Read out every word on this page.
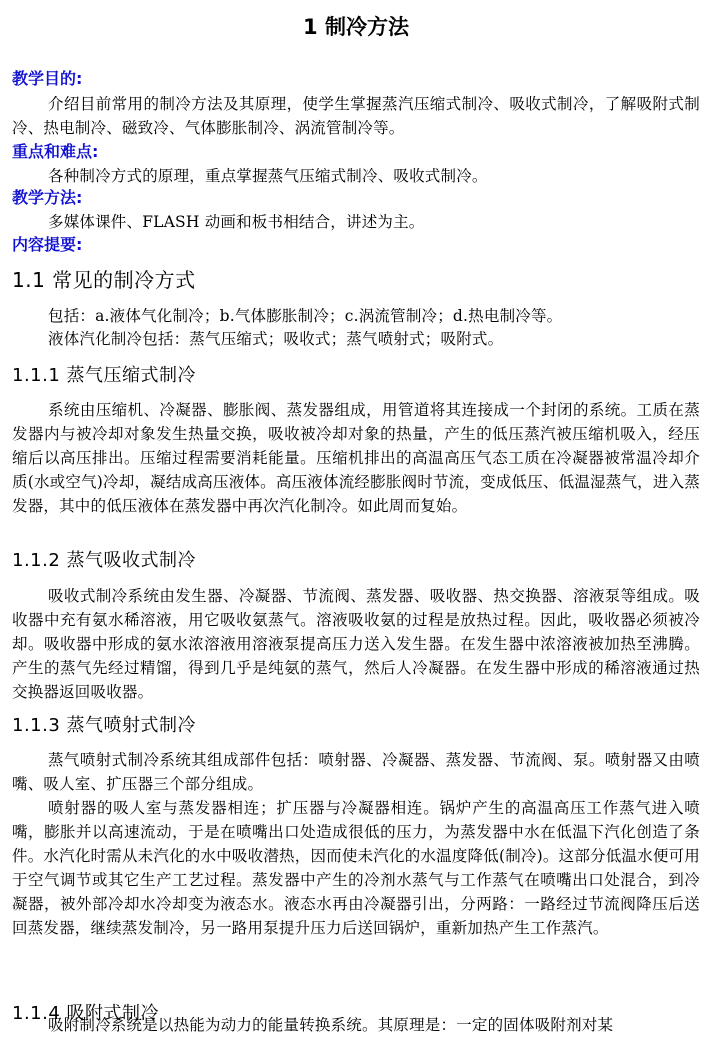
1 制冷方法

教学目的:

介绍目前常用的制冷方法及其原理，使学生掌握蒸汽压缩式制冷、吸收式制冷，了解吸附式制冷、热电制冷、磁致冷、气体膨胀制冷、涡流管制冷等。

重点和难点:

各种制冷方式的原理，重点掌握蒸气压缩式制冷、吸收式制冷。

教学方法:

多媒体课件、FLASH 动画和板书相结合，讲述为主。

内容提要:

1.1 常见的制冷方式

包括：a.液体气化制冷；b.气体膨胀制冷；c.涡流管制冷；d.热电制冷等。

液体汽化制冷包括：蒸气压缩式；吸收式；蒸气喷射式；吸附式。

1.1.1 蒸气压缩式制冷

系统由压缩机、冷凝器、膨胀阀、蒸发器组成，用管道将其连接成一个封闭的系统。工质在蒸发器内与被冷却对象发生热量交换，吸收被冷却对象的热量，产生的低压蒸汽被压缩机吸入，经压缩后以高压排出。压缩过程需要消耗能量。压缩机排出的高温高压气态工质在冷凝器被常温冷却介质(水或空气)冷却，凝结成高压液体。高压液体流经膨胀阀时节流，变成低压、低温湿蒸气，进入蒸发器，其中的低压液体在蒸发器中再次汽化制冷。如此周而复始。

1.1.2 蒸气吸收式制冷

吸收式制冷系统由发生器、冷凝器、节流阀、蒸发器、吸收器、热交换器、溶液泵等组成。吸收器中充有氨水稀溶液，用它吸收氨蒸气。溶液吸收氨的过程是放热过程。因此，吸收器必须被冷却。吸收器中形成的氨水浓溶液用溶液泵提高压力送入发生器。在发生器中浓溶液被加热至沸腾。产生的蒸气先经过精馏，得到几乎是纯氨的蒸气，然后人冷凝器。在发生器中形成的稀溶液通过热交换器返回吸收器。

1.1.3 蒸气喷射式制冷

蒸气喷射式制冷系统其组成部件包括：喷射器、冷凝器、蒸发器、节流阀、泵。喷射器又由喷嘴、吸人室、扩压器三个部分组成。

喷射器的吸人室与蒸发器相连；扩压器与冷凝器相连。锅炉产生的高温高压工作蒸气进入喷嘴，膨胀并以高速流动，于是在喷嘴出口处造成很低的压力，为蒸发器中水在低温下汽化创造了条件。水汽化时需从未汽化的水中吸收潜热，因而使未汽化的水温度降低(制冷)。这部分低温水便可用于空气调节或其它生产工艺过程。蒸发器中产生的冷剂水蒸气与工作蒸气在喷嘴出口处混合，到冷凝器，被外部冷却水冷却变为液态水。液态水再由冷凝器引出，分两路：一路经过节流阀降压后送回蒸发器，继续蒸发制冷，另一路用泵提升压力后送回锅炉，重新加热产生工作蒸汽。

1.1.4 吸附式制冷

吸附制冷系统是以热能为动力的能量转换系统。其原理是：一定的固体吸附剂对某
